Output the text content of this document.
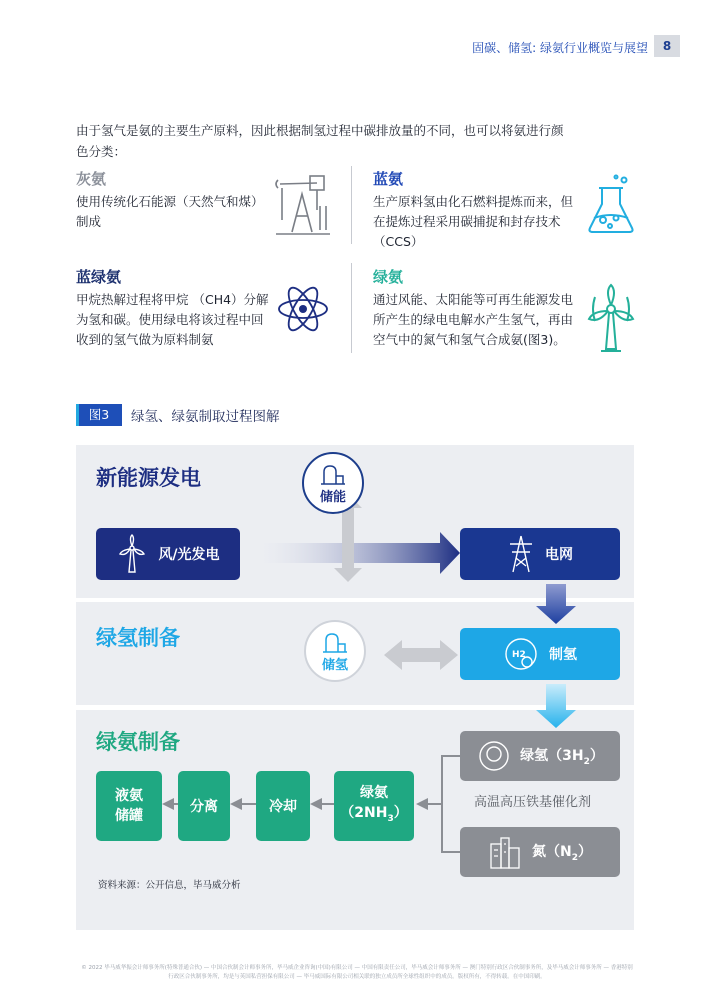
固碳、储氢: 绿氨行业概览与展望	8
由于氢气是氨的主要生产原料，因此根据制氢过程中碳排放量的不同，也可以将氨进行颜色分类：
灰氨
使用传统化石能源（天然气和煤）制成
蓝氨
生产原料氢由化石燃料提炼而来，但在提炼过程采用碳捕捉和封存技术（CCS）
蓝绿氨
甲烷热解过程将甲烷 （CH4）分解为氢和碳。使用绿电将该过程中回收到的氢气做为原料制氨
绿氨
通过风能、太阳能等可再生能源发电所产生的绿电电解水产生氢气，再由空气中的氮气和氢气合成氨(图3)。
图3	绿氢、绿氨制取过程图解
新能源发电
绿氢制备
绿氨制备
储能
风/光发电	电网
储氢
H2 制氢
绿氢$(3H_2)$
高温高压铁基催化剂
氮$(N_2)$
绿氨
$(2NH_3)$
冷却
分离
液氨
储罐
资料来源：公开信息，毕马威分析
© 2022 毕马威华振会计师事务所(特殊普通合伙) — 中国合伙制会计师事务所，毕马威企业咨询(中国)有限公司 — 中国有限责任公司，毕马威会计师事务所 — 澳门特别行政区合伙制事务所，及毕马威会计师事务所 — 香港特别行政区合伙制事务所，均是与英国私营担保有限公司 — 毕马威国际有限公司相关联的独立成员所全球性组织中的成员。版权所有，不得转载。在中国印刷。
